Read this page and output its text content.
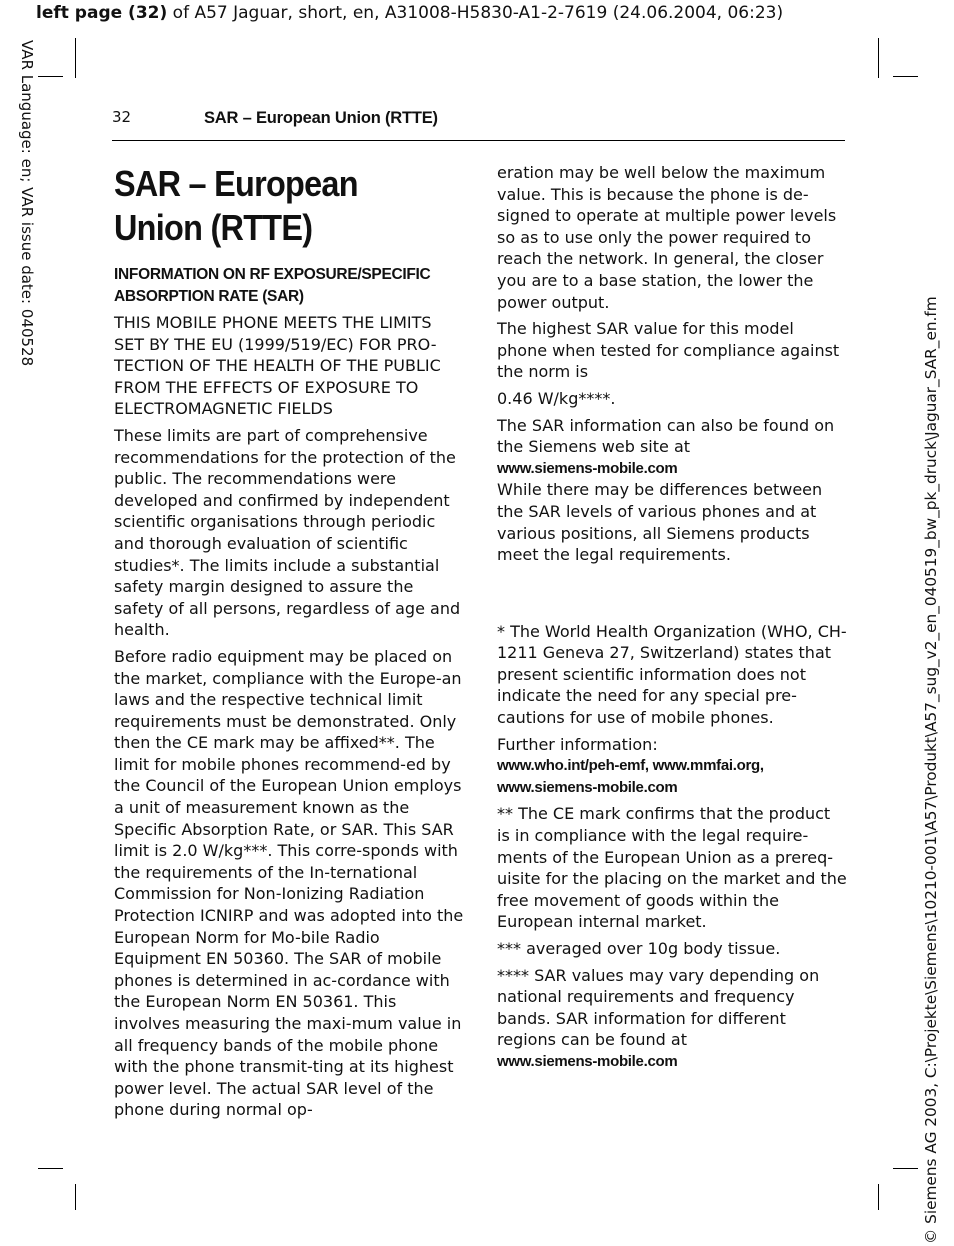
left page (32) of A57 Jaguar, short, en, A31008-H5830-A1-2-7619 (24.06.2004, 06:23)
VAR Language: en; VAR issue date: 040528
© Siemens AG 2003, C:\Projekte\Siemens\10210-001\A57\Produkt\A57_sug_v2_en_040519_bw_pk_druck\Jaguar_SAR_en.fm
32	SAR – European Union (RTTE)
SAR – European Union (RTTE)
INFORMATION ON RF EXPOSURE/SPECIFIC ABSORPTION RATE (SAR)

THIS MOBILE PHONE MEETS THE LIMITS SET BY THE EU (1999/519/EC) FOR PRO-TECTION OF THE HEALTH OF THE PUBLIC FROM THE EFFECTS OF EXPOSURE TO ELECTROMAGNETIC FIELDS

These limits are part of comprehensive recommendations for the protection of the public. The recommendations were developed and confirmed by independent scientific organisations through periodic and thorough evaluation of scientific studies*. The limits include a substantial safety margin designed to assure the safety of all persons, regardless of age and health.

Before radio equipment may be placed on the market, compliance with the Europe-an laws and the respective technical limit requirements must be demonstrated. Only then the CE mark may be affixed**. The limit for mobile phones recommend-ed by the Council of the European Union employs a unit of measurement known as the Specific Absorption Rate, or SAR. This SAR limit is 2.0 W/kg***. This corre-sponds with the requirements of the In-ternational Commission for Non-Ionizing Radiation Protection ICNIRP and was adopted into the European Norm for Mo-bile Radio Equipment EN 50360. The SAR of mobile phones is determined in ac-cordance with the European Norm EN 50361. This involves measuring the maxi-mum value in all frequency bands of the mobile phone with the phone transmit-ting at its highest power level. The actual SAR level of the phone during normal op-

eration may be well below the maximum value. This is because the phone is de-signed to operate at multiple power levels so as to use only the power required to reach the network. In general, the closer you are to a base station, the lower the power output.

The highest SAR value for this model phone when tested for compliance against the norm is

0.46 W/kg****.

The SAR information can also be found on the Siemens web site at
www.siemens-mobile.com

While there may be differences between the SAR levels of various phones and at various positions, all Siemens products meet the legal requirements.

* The World Health Organization (WHO, CH-1211 Geneva 27, Switzerland) states that present scientific information does not indicate the need for any special pre-cautions for use of mobile phones.

Further information:
www.who.int/peh-emf, www.mmfai.org, www.siemens-mobile.com

** The CE mark confirms that the product is in compliance with the legal require-ments of the European Union as a prereq-uisite for the placing on the market and the free movement of goods within the European internal market.

*** averaged over 10g body tissue.

**** SAR values may vary depending on national requirements and frequency bands. SAR information for different regions can be found at
www.siemens-mobile.com
